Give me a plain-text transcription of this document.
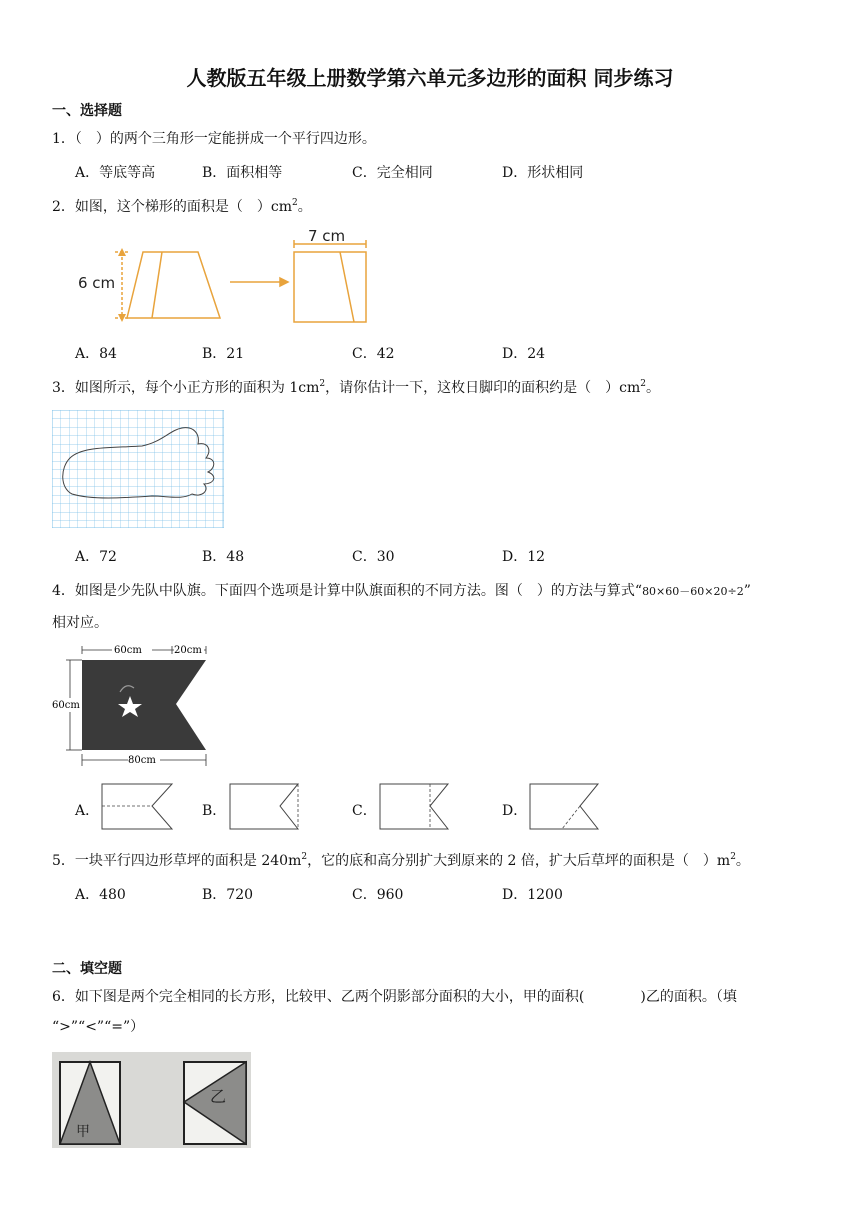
人教版五年级上册数学第六单元多边形的面积 同步练习
一、选择题
1．（　）的两个三角形一定能拼成一个平行四边形。
A．等底等高	B．面积相等	C．完全相同	D．形状相同
2．如图，这个梯形的面积是（　）$cm^2$。
6 cm
7 cm
A．84	B．21	C．42	D．24
3．如图所示，每个小正方形的面积为 $1cm^2$，请你估计一下，这枚日脚印的面积约是（　）$cm^2$。
A．72	B．48	C．30	D．12
4．如图是少先队中队旗。下面四个选项是计算中队旗面积的不同方法。图（　）的方法与算式“80×60－60×20÷2”
相对应。
60cm	20cm
60cm
80cm
A．	B．	C．	D．
5．一块平行四边形草坪的面积是 $240m^2$，它的底和高分别扩大到原来的 2 倍，扩大后草坪的面积是（　）$m^2$。
A．480	B．720	C．960	D．1200
二、填空题
6．如下图是两个完全相同的长方形，比较甲、乙两个阴影部分面积的大小，甲的面积(　　　　)乙的面积。（填
“>”“<”“=”）
甲
乙
